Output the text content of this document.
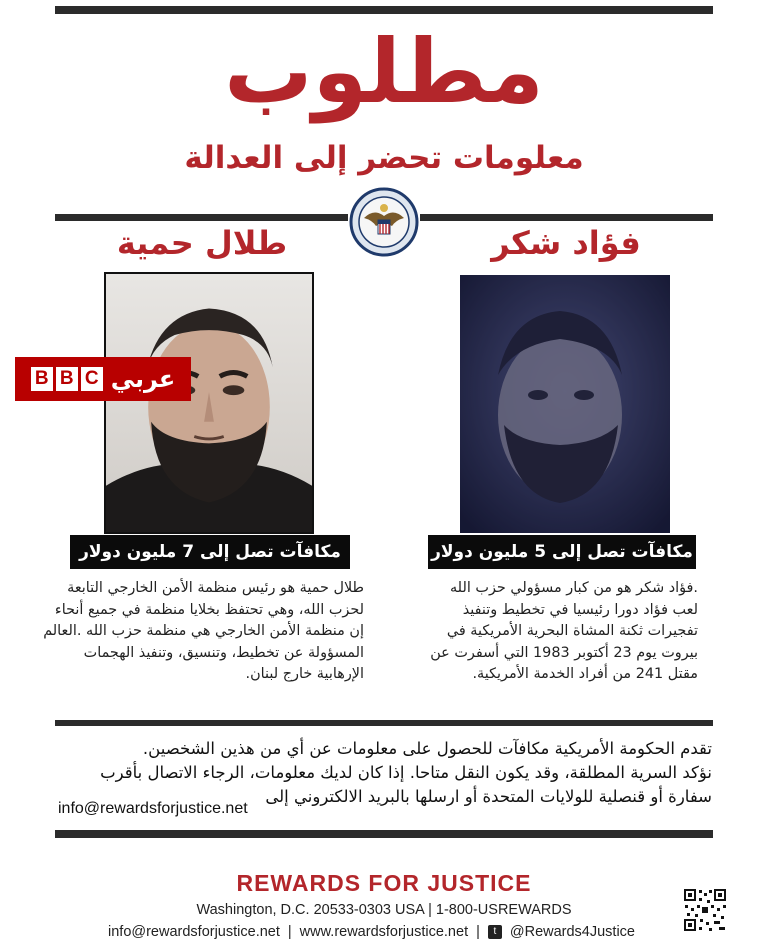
مطلوب
معلومات تحضر إلى العدالة
طلال حمية	فؤاد شكر
B B C عربي
مكافآت تصل إلى 7 مليون دولار	مكافآت تصل إلى 5 مليون دولار
طلال حمية هو رئيس منظمة الأمن الخارجي التابعة
لحزب الله، وهي تحتفظ بخلايا منظمة في جميع أنحاء
إن منظمة الأمن الخارجي هي منظمة حزب الله .العالم
المسؤولة عن تخطيط، وتنسيق، وتنفيذ الهجمات
الإرهابية خارج لبنان.
.فؤاد شكر هو من كبار مسؤولي حزب الله
لعب فؤاد دورا رئيسيا في تخطيط وتنفيذ
تفجيرات ثكنة المشاة البحرية الأمريكية في
بيروت يوم 23 أكتوبر 1983 التي أسفرت عن
مقتل 241 من أفراد الخدمة الأمريكية.
تقدم الحكومة الأمريكية مكافآت للحصول على معلومات عن أي من هذين الشخصين.
نؤكد السرية المطلقة، وقد يكون النقل متاحا. إذا كان لديك معلومات، الرجاء الاتصال بأقرب
سفارة أو قنصلية للولايات المتحدة أو ارسلها بالبريد الالكتروني إلى
info@rewardsforjustice.net
REWARDS FOR JUSTICE
Washington, D.C. 20533-0303 USA | 1-800-USREWARDS
info@rewardsforjustice.net | www.rewardsforjustice.net |	t @Rewards4Justice
